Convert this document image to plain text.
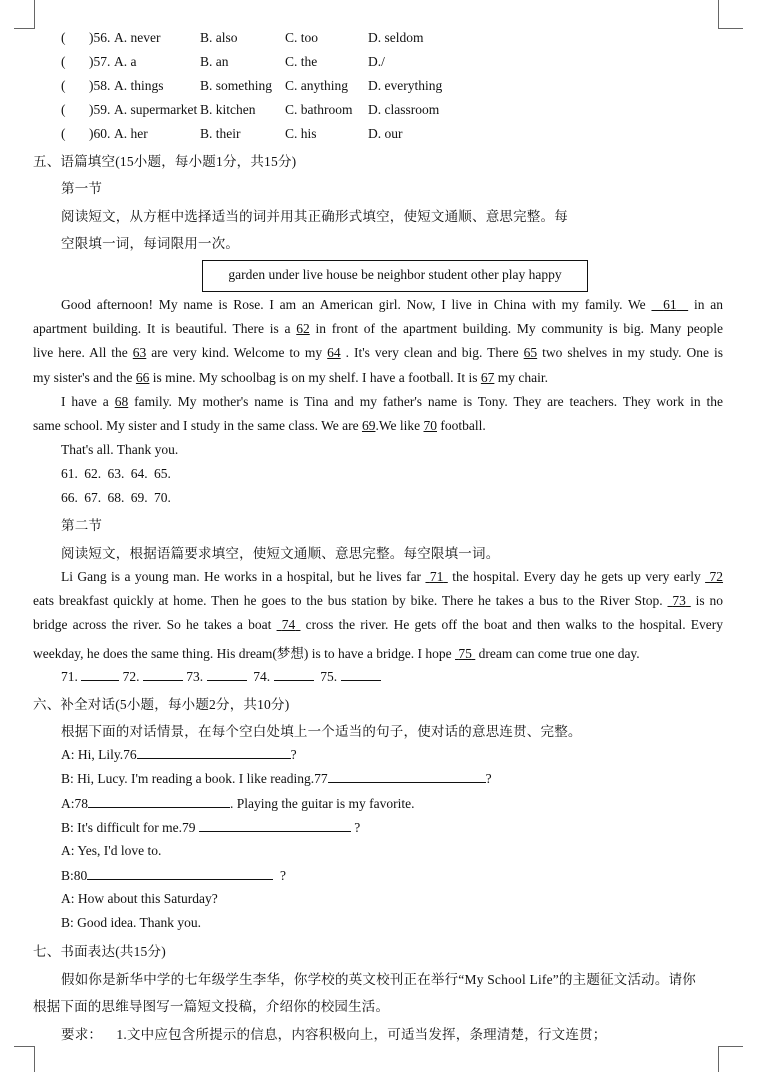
( )56. A. never	B. also	C. too	D. seldom
( )57. A. a	B. an	C. the	D./
( )58. A. things	B. something C. anything D. everything
( )59. A. supermarket B. kitchen C. bathroom D. classroom
( )60. A. her	B. their	C. his	D. our
五、语篇填空(15小题，每小题1分，共15分)
第一节
阅读短文，从方框中选择适当的词并用其正确形式填空，使短文通顺、意思完整。每
空限填一词，每词限用一次。
garden under live house be neighbor student other play happy
Good afternoon! My name is Rose. I am an American girl. Now, I live in China with my family. We 61 in an
apartment building. It is beautiful. There is a 62 in front of the apartment building. My community is big. Many people
live here. All the 63 are very kind. Welcome to my 64 . It's very clean and big. There 65 two shelves in my study. One is
my sister's and the 66 is mine. My schoolbag is on my shelf. I have a football. It is 67 my chair.
I have a 68 family. My mother's name is Tina and my father's name is Tony. They are teachers. They work in the
same school. My sister and I study in the same class. We are 69.We like 70 football.
That's all. Thank you.
61. 62. 63. 64. 65.
66. 67. 68. 69. 70.
第二节
阅读短文，根据语篇要求填空，使短文通顺、意思完整。每空限填一词。
Li Gang is a young man. He works in a hospital, but he lives far 71 the hospital. Every day he gets up very early 72
eats breakfast quickly at home. Then he goes to the bus station by bike. There he takes a bus to the River Stop. 73 is no
bridge across the river. So he takes a boat 74 cross the river. He gets off the boat and then walks to the hospital. Every
weekday, he does the same thing. His dream(梦想) is to have a bridge. I hope 75 dream can come true one day.
71.	72.	73.	74.	75.
六、补全对话(5小题，每小题2分，共10分)
根据下面的对话情景，在每个空白处填上一个适当的句子，使对话的意思连贯、完整。
A: Hi, Lily.76	?
B: Hi, Lucy. I'm reading a book. I like reading.77	?
A:78	. Playing the guitar is my favorite.
B: It's difficult for me.79	?
A: Yes, I'd love to.
B:80	?
A: How about this Saturday?
B: Good idea. Thank you.
七、书面表达(共15分)
假如你是新华中学的七年级学生李华，你学校的英文校刊正在举行“My School Life”的主题征文活动。请你
根据下面的思维导图写一篇短文投稿，介绍你的校园生活。
要求： 1.文中应包含所提示的信息，内容积极向上，可适当发挥，条理清楚，行文连贯；
